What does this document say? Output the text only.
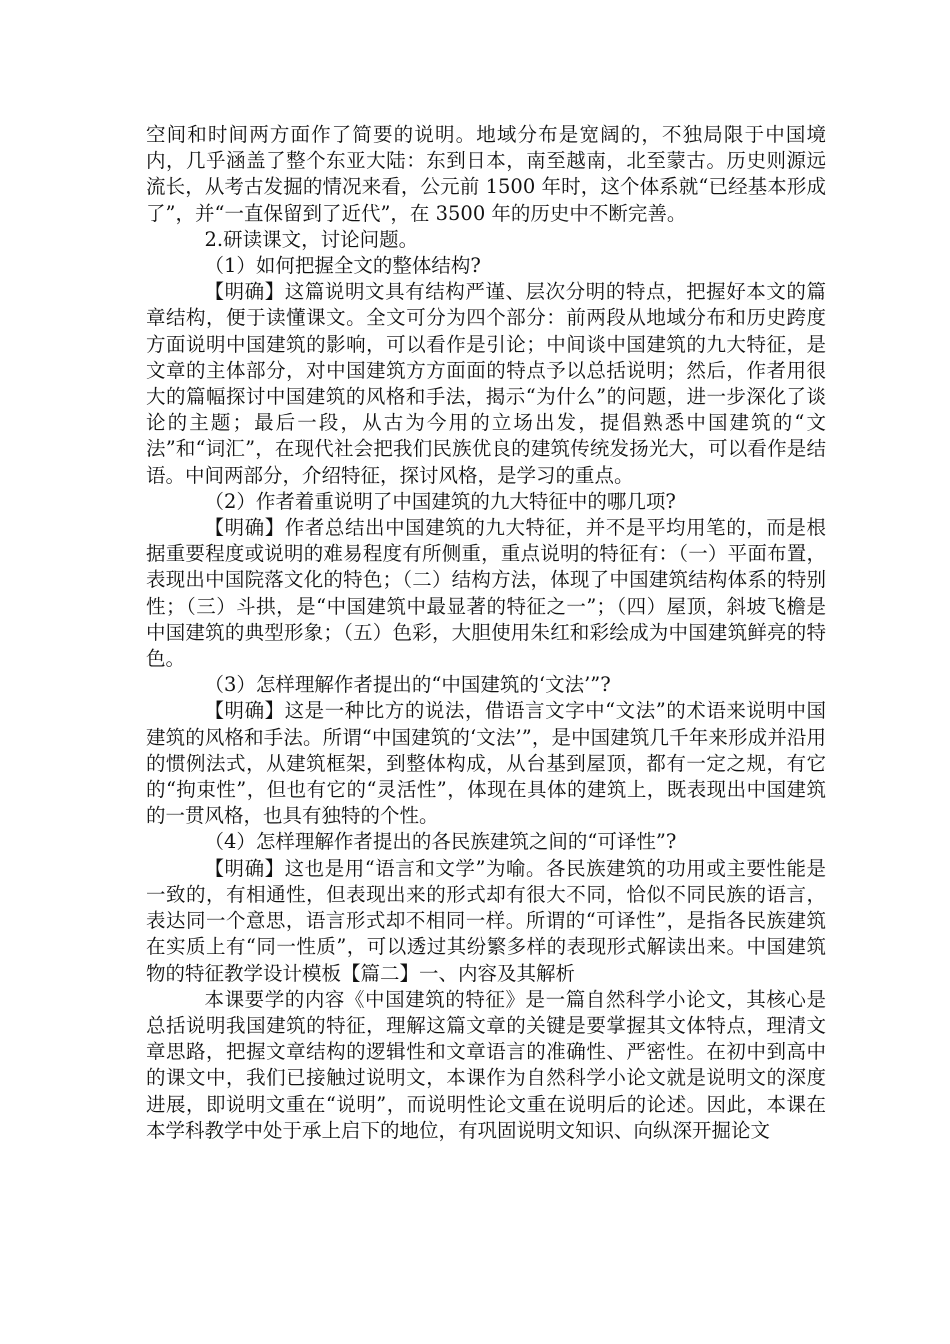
空间和时间两方面作了简要的说明。地域分布是宽阔的，不独局限于中国境内，几乎涵盖了整个东亚大陆：东到日本，南至越南，北至蒙古。历史则源远流长，从考古发掘的情况来看，公元前 1500 年时，这个体系就“已经基本形成了”，并“一直保留到了近代”，在 3500 年的历史中不断完善。

2.研读课文，讨论问题。

（1）如何把握全文的整体结构?

【明确】这篇说明文具有结构严谨、层次分明的特点，把握好本文的篇章结构，便于读懂课文。全文可分为四个部分：前两段从地域分布和历史跨度方面说明中国建筑的影响，可以看作是引论；中间谈中国建筑的九大特征，是文章的主体部分，对中国建筑方方面面的特点予以总括说明；然后，作者用很大的篇幅探讨中国建筑的风格和手法，揭示“为什么”的问题，进一步深化了谈论的主题；最后一段，从古为今用的立场出发，提倡熟悉中国建筑的“文法”和“词汇”，在现代社会把我们民族优良的建筑传统发扬光大，可以看作是结语。中间两部分，介绍特征，探讨风格，是学习的重点。

（2）作者着重说明了中国建筑的九大特征中的哪几项?

【明确】作者总结出中国建筑的九大特征，并不是平均用笔的，而是根据重要程度或说明的难易程度有所侧重，重点说明的特征有：（一）平面布置，表现出中国院落文化的特色；（二）结构方法，体现了中国建筑结构体系的特别性；（三）斗拱，是“中国建筑中最显著的特征之一”；（四）屋顶，斜坡飞檐是中国建筑的典型形象；（五）色彩，大胆使用朱红和彩绘成为中国建筑鲜亮的特色。

（3）怎样理解作者提出的“中国建筑的‘文法’”?

【明确】这是一种比方的说法，借语言文字中“文法”的术语来说明中国建筑的风格和手法。所谓“中国建筑的‘文法’”，是中国建筑几千年来形成并沿用的惯例法式，从建筑框架，到整体构成，从台基到屋顶，都有一定之规，有它的“拘束性”，但也有它的“灵活性”，体现在具体的建筑上，既表现出中国建筑的一贯风格，也具有独特的个性。

（4）怎样理解作者提出的各民族建筑之间的“可译性”?

【明确】这也是用“语言和文学”为喻。各民族建筑的功用或主要性能是一致的，有相通性，但表现出来的形式却有很大不同，恰似不同民族的语言，表达同一个意思，语言形式却不相同一样。所谓的“可译性”，是指各民族建筑在实质上有“同一性质”，可以透过其纷繁多样的表现形式解读出来。中国建筑物的特征教学设计模板【篇二】一、内容及其解析

本课要学的内容《中国建筑的特征》是一篇自然科学小论文，其核心是总括说明我国建筑的特征，理解这篇文章的关键是要掌握其文体特点，理清文章思路，把握文章结构的逻辑性和文章语言的准确性、严密性。在初中到高中的课文中，我们已接触过说明文，本课作为自然科学小论文就是说明文的深度进展，即说明文重在“说明”，而说明性论文重在说明后的论述。因此，本课在本学科教学中处于承上启下的地位，有巩固说明文知识、向纵深开掘论文
